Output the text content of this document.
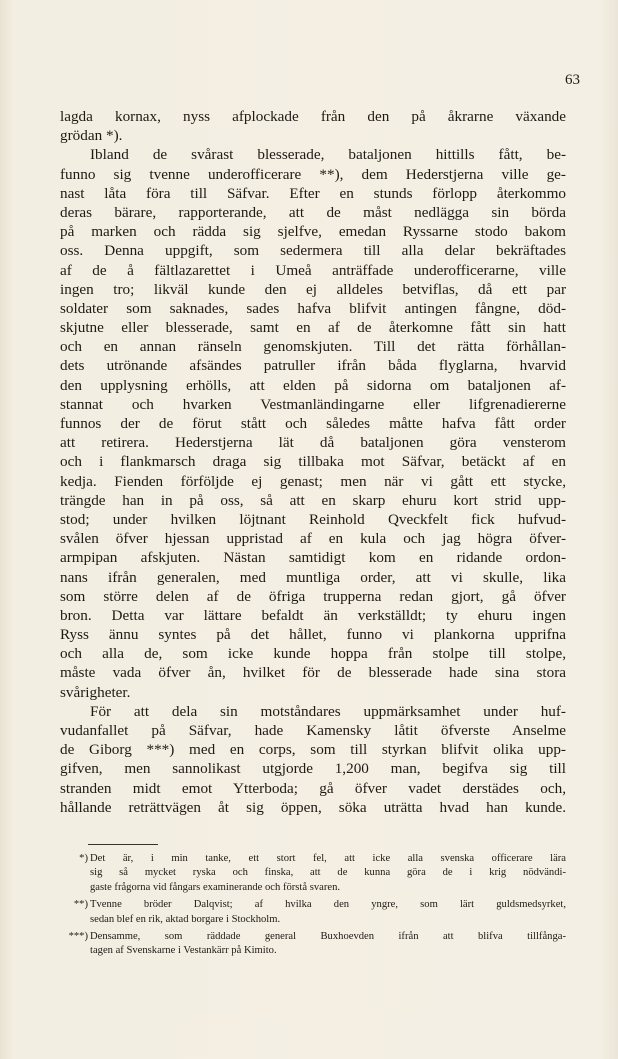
63
lagda kornax, nyss afplockade från den på åkrarne växande
grödan *).
Ibland de svårast blesserade, bataljonen hittills fått, be-
funno sig tvenne underofficerare **), dem Hederstjerna ville ge-
nast låta föra till Säfvar. Efter en stunds förlopp återkommo
deras bärare, rapporterande, att de måst nedlägga sin börda
på marken och rädda sig sjelfve, emedan Ryssarne stodo bakom
oss. Denna uppgift, som sedermera till alla delar bekräftades
af de å fältlazarettet i Umeå anträffade underofficerarne, ville
ingen tro; likväl kunde den ej alldeles betviflas, då ett par
soldater som saknades, sades hafva blifvit antingen fångne, död-
skjutne eller blesserade, samt en af de återkomne fått sin hatt
och en annan ränseln genomskjuten. Till det rätta förhållan-
dets utrönande afsändes patruller ifrån båda flyglarna, hvarvid
den upplysning erhölls, att elden på sidorna om bataljonen af-
stannat och hvarken Vestmanländingarne eller lifgrenadiererne
funnos der de förut stått och således måtte hafva fått order
att retirera. Hederstjerna lät då bataljonen göra vensterom
och i flankmarsch draga sig tillbaka mot Säfvar, betäckt af en
kedja. Fienden förföljde ej genast; men när vi gått ett stycke,
trängde han in på oss, så att en skarp ehuru kort strid upp-
stod; under hvilken löjtnant Reinhold Qveckfelt fick hufvud-
svålen öfver hjessan uppristad af en kula och jag högra öfver-
armpipan afskjuten. Nästan samtidigt kom en ridande ordon-
nans ifrån generalen, med muntliga order, att vi skulle, lika
som större delen af de öfriga trupperna redan gjort, gå öfver
bron. Detta var lättare befaldt än verkställdt; ty ehuru ingen
Ryss ännu syntes på det hållet, funno vi plankorna upprifna
och alla de, som icke kunde hoppa från stolpe till stolpe,
måste vada öfver ån, hvilket för de blesserade hade sina stora
svårigheter.
För att dela sin motståndares uppmärksamhet under huf-
vudanfallet på Säfvar, hade Kamensky låtit öfverste Anselme
de Giborg ***) med en corps, som till styrkan blifvit olika upp-
gifven, men sannolikast utgjorde 1,200 man, begifva sig till
stranden midt emot Ytterboda; gå öfver vadet derstädes och,
hållande reträttvägen åt sig öppen, söka uträtta hvad han kunde.
*) Det är, i min tanke, ett stort fel, att icke alla svenska officerare lära
sig så mycket ryska och finska, att de kunna göra de i krig nödvändi-
gaste frågorna vid fångars examinerande och förstå svaren.
**) Tvenne bröder Dalqvist; af hvilka den yngre, som lärt guldsmedsyrket,
sedan blef en rik, aktad borgare i Stockholm.
***) Densamme, som räddade general Buxhoevden ifrån att blifva tillfånga-
tagen af Svenskarne i Vestankärr på Kimito.
